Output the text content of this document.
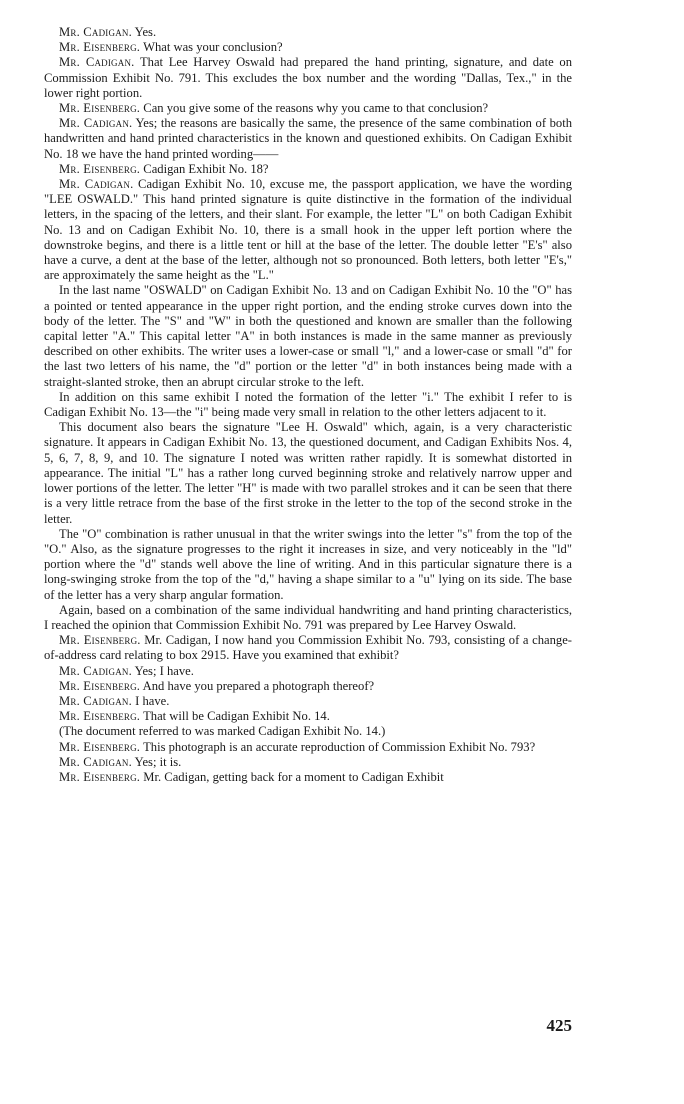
Mr. Cadigan. Yes.

Mr. Eisenberg. What was your conclusion?

Mr. Cadigan. That Lee Harvey Oswald had prepared the hand printing, signature, and date on Commission Exhibit No. 791. This excludes the box number and the wording "Dallas, Tex.," in the lower right portion.

Mr. Eisenberg. Can you give some of the reasons why you came to that conclusion?

Mr. Cadigan. Yes; the reasons are basically the same, the presence of the same combination of both handwritten and hand printed characteristics in the known and questioned exhibits. On Cadigan Exhibit No. 18 we have the hand printed wording——

Mr. Eisenberg. Cadigan Exhibit No. 18?

Mr. Cadigan. Cadigan Exhibit No. 10, excuse me, the passport application, we have the wording "LEE OSWALD." This hand printed signature is quite distinctive in the formation of the individual letters, in the spacing of the letters, and their slant. For example, the letter "L" on both Cadigan Exhibit No. 13 and on Cadigan Exhibit No. 10, there is a small hook in the upper left portion where the downstroke begins, and there is a little tent or hill at the base of the letter. The double letter "E's" also have a curve, a dent at the base of the letter, although not so pronounced. Both letters, both letter "E's," are approximately the same height as the "L."

In the last name "OSWALD" on Cadigan Exhibit No. 13 and on Cadigan Exhibit No. 10 the "O" has a pointed or tented appearance in the upper right portion, and the ending stroke curves down into the body of the letter. The "S" and "W" in both the questioned and known are smaller than the following capital letter "A." This capital letter "A" in both instances is made in the same manner as previously described on other exhibits. The writer uses a lower-case or small "l," and a lower-case or small "d" for the last two letters of his name, the "d" portion or the letter "d" in both instances being made with a straight-slanted stroke, then an abrupt circular stroke to the left.

In addition on this same exhibit I noted the formation of the letter "i." The exhibit I refer to is Cadigan Exhibit No. 13—the "i" being made very small in relation to the other letters adjacent to it.

This document also bears the signature "Lee H. Oswald" which, again, is a very characteristic signature. It appears in Cadigan Exhibit No. 13, the questioned document, and Cadigan Exhibits Nos. 4, 5, 6, 7, 8, 9, and 10. The signature I noted was written rather rapidly. It is somewhat distorted in appearance. The initial "L" has a rather long curved beginning stroke and relatively narrow upper and lower portions of the letter. The letter "H" is made with two parallel strokes and it can be seen that there is a very little retrace from the base of the first stroke in the letter to the top of the second stroke in the letter.

The "O" combination is rather unusual in that the writer swings into the letter "s" from the top of the "O." Also, as the signature progresses to the right it increases in size, and very noticeably in the "ld" portion where the "d" stands well above the line of writing. And in this particular signature there is a long-swinging stroke from the top of the "d," having a shape similar to a "u" lying on its side. The base of the letter has a very sharp angular formation.

Again, based on a combination of the same individual handwriting and hand printing characteristics, I reached the opinion that Commission Exhibit No. 791 was prepared by Lee Harvey Oswald.

Mr. Eisenberg. Mr. Cadigan, I now hand you Commission Exhibit No. 793, consisting of a change-of-address card relating to box 2915. Have you examined that exhibit?

Mr. Cadigan. Yes; I have.

Mr. Eisenberg. And have you prepared a photograph thereof?

Mr. Cadigan. I have.

Mr. Eisenberg. That will be Cadigan Exhibit No. 14.

(The document referred to was marked Cadigan Exhibit No. 14.)

Mr. Eisenberg. This photograph is an accurate reproduction of Commission Exhibit No. 793?

Mr. Cadigan. Yes; it is.

Mr. Eisenberg. Mr. Cadigan, getting back for a moment to Cadigan Exhibit

425
